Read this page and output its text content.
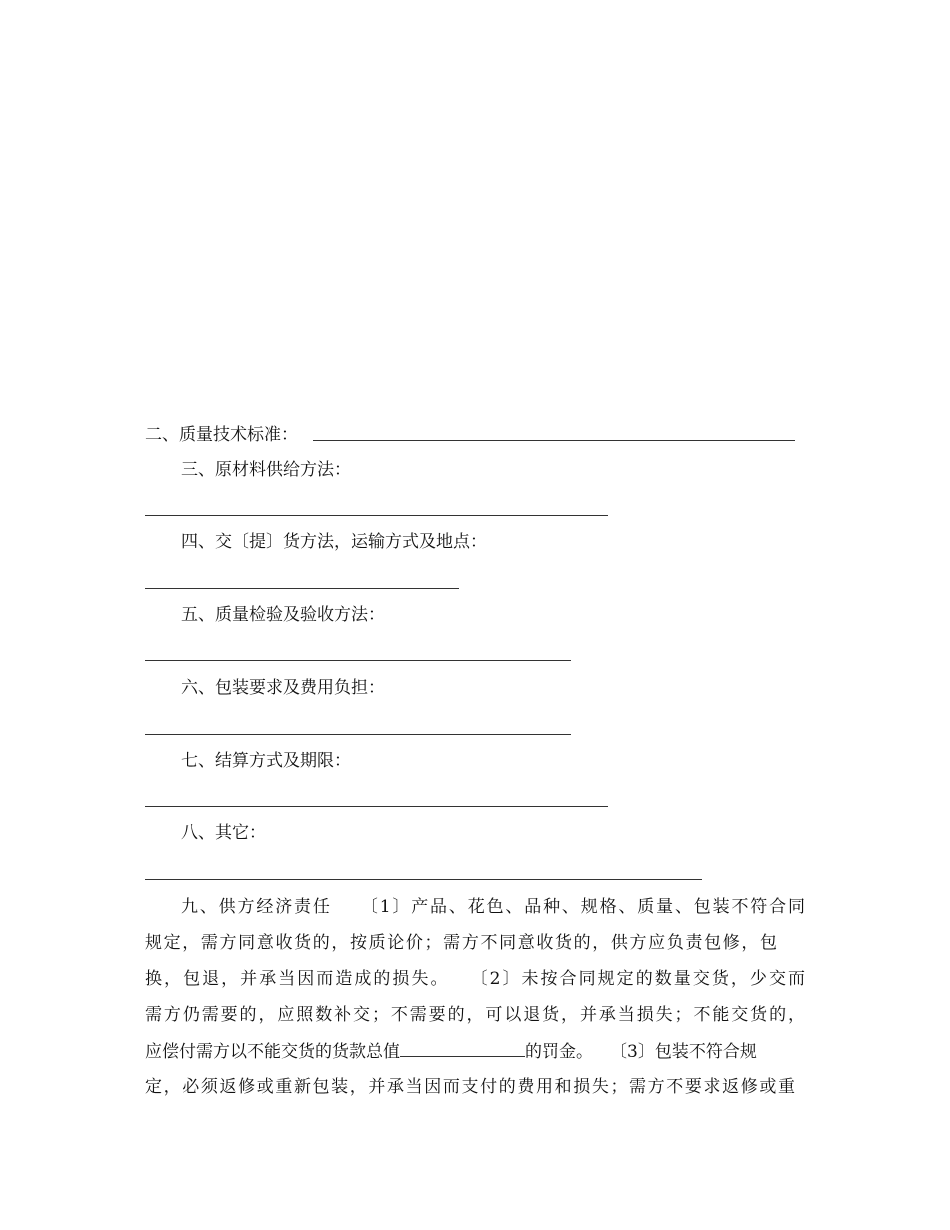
二、质量技术标准：
三、原材料供给方法：
四、交〔提〕货方法，运输方式及地点：
五、质量检验及验收方法：
六、包装要求及费用负担：
七、结算方式及期限：
八、其它：
九、供方经济责任　　〔1〕产品、花色、品种、规格、质量、包装不符合同
规定，需方同意收货的，按质论价；需方不同意收货的，供方应负责包修，包
换，包退，并承当因而造成的损失。　　〔2〕未按合同规定的数量交货，少交而
需方仍需要的，应照数补交；不需要的，可以退货，并承当损失；不能交货的，
应偿付需方以不能交货的货款总值	的罚金。　　〔3〕包装不符合规
定，必须返修或重新包装，并承当因而支付的费用和损失；需方不要求返修或重
